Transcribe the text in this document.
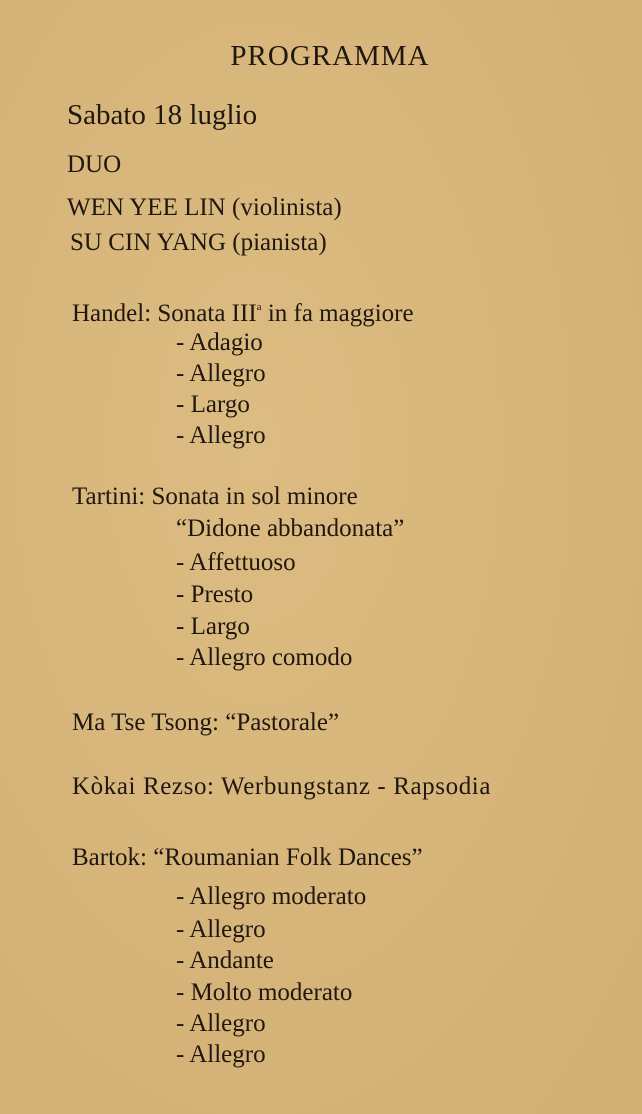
PROGRAMMA
Sabato 18 luglio
DUO
WEN YEE LIN (violinista)
SU CIN YANG (pianista)
Handel: Sonata III$^a$ in fa maggiore
- Adagio
- Allegro
- Largo
- Allegro
Tartini: Sonata in sol minore
“Didone abbandonata”
- Affettuoso
- Presto
- Largo
- Allegro comodo
Ma Tse Tsong: “Pastorale”
Kòkai Rezso: Werbungstanz - Rapsodia
Bartok: “Roumanian Folk Dances”
- Allegro moderato
- Allegro
- Andante
- Molto moderato
- Allegro
- Allegro
